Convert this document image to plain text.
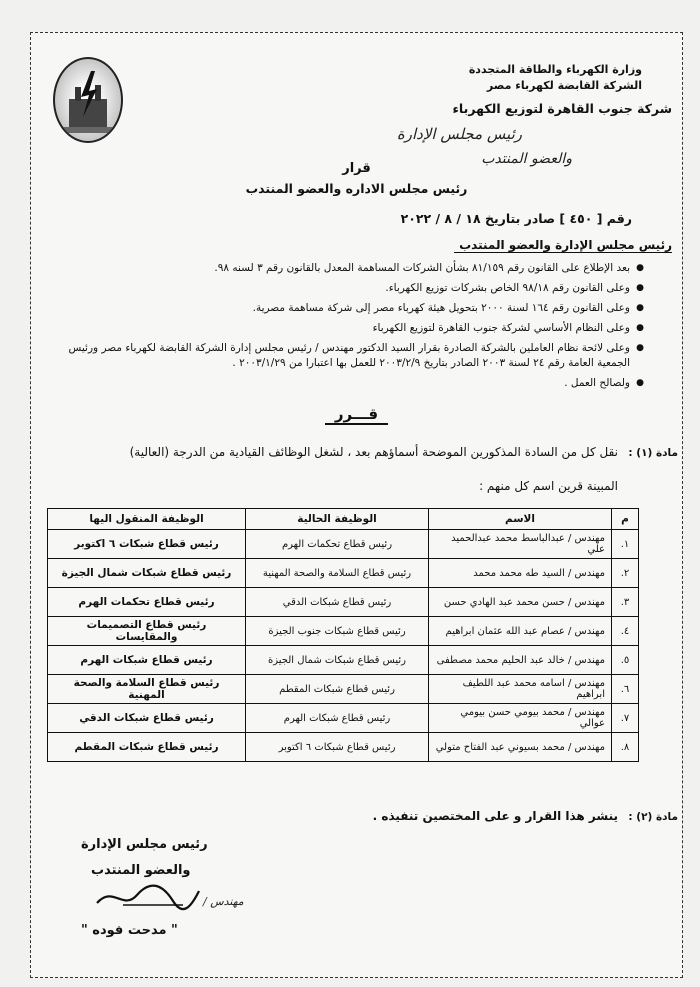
وزارة الكهرباء والطاقة المتجددة
الشركة القابضة لكهرباء مصر
شركة جنوب القاهرة لتوزيع الكهرباء
رئيس مجلس الإدارة
والعضو المنتدب
قرار
رئيس مجلس الاداره والعضو المنتدب
رقم [ ٤٥٠ ] صادر بتاريخ ١٨ / ٨ / ٢٠٢٢
رئيس مجلس الإدارة والعضو المنتدب
● بعد الإطلاع على القانون رقم ٨١/١٥٩ بشأن الشركات المساهمة المعدل بالقانون رقم ٣ لسنه ٩٨.
● وعلى القانون رقم ٩٨/١٨ الخاص بشركات توزيع الكهرباء.
● وعلى القانون رقم ١٦٤ لسنة ٢٠٠٠ بتحويل هيئة كهرباء مصر إلى شركة مساهمة مصرية.
● وعلى النظام الأساسي لشركة جنوب القاهرة لتوزيع الكهرباء
● وعلى لائحة نظام العاملين بالشركة الصادرة بقرار السيد الدكتور مهندس / رئيس مجلس إدارة الشركة القابضة لكهرباء مصر ورئيس الجمعية العامة رقم ٢٤ لسنة ٢٠٠٣ الصادر بتاريخ ٢٠٠٣/٢/٩ للعمل بها اعتبارا من ٢٠٠٣/١/٢٩ .
● ولصالح العمل .
قـــرر
مادة (١) :
نقل كل من السادة المذكورين الموضحة أسماؤهم بعد ، لشغل الوظائف القيادية من الدرجة (العالية)
المبينة قرين اسم كل منهم :
م	الاسم	الوظيفة الحالية	الوظيفة المنقول اليها
١.	مهندس / عبدالباسط محمد عبدالحميد علي	رئيس قطاع تحكمات الهرم	رئيس قطاع شبكات ٦ اكتوبر
٢.	مهندس / السيد طه محمد محمد	رئيس قطاع السلامة والصحة المهنية	رئيس قطاع شبكات شمال الجيزة
٣.	مهندس / حسن محمد عبد الهادي حسن	رئيس قطاع شبكات الدقي	رئيس قطاع تحكمات الهرم
٤.	مهندس / عصام عبد الله عثمان ابراهيم	رئيس قطاع شبكات جنوب الجيزة	رئيس قطاع التصميمات والمقايسات
٥.	مهندس / خالد عبد الحليم محمد مصطفى	رئيس قطاع شبكات شمال الجيزة	رئيس قطاع شبكات الهرم
٦.	مهندس / اسامه محمد عبد اللطيف ابراهيم	رئيس قطاع شبكات المقطم	رئيس قطاع السلامة والصحة المهنية
٧.	مهندس / محمد بيومي حسن بيومي عوالي	رئيس قطاع شبكات الهرم	رئيس قطاع شبكات الدقي
٨.	مهندس / محمد بسيوني عبد الفتاح متولي	رئيس قطاع شبكات ٦ اكتوبر	رئيس قطاع شبكات المقطم
مادة (٢) :
ينشر هذا القرار و على المختصين تنفيذه .
رئيس مجلس الإدارة
والعضو المنتدب
مهندس /
" مدحت فوده "
